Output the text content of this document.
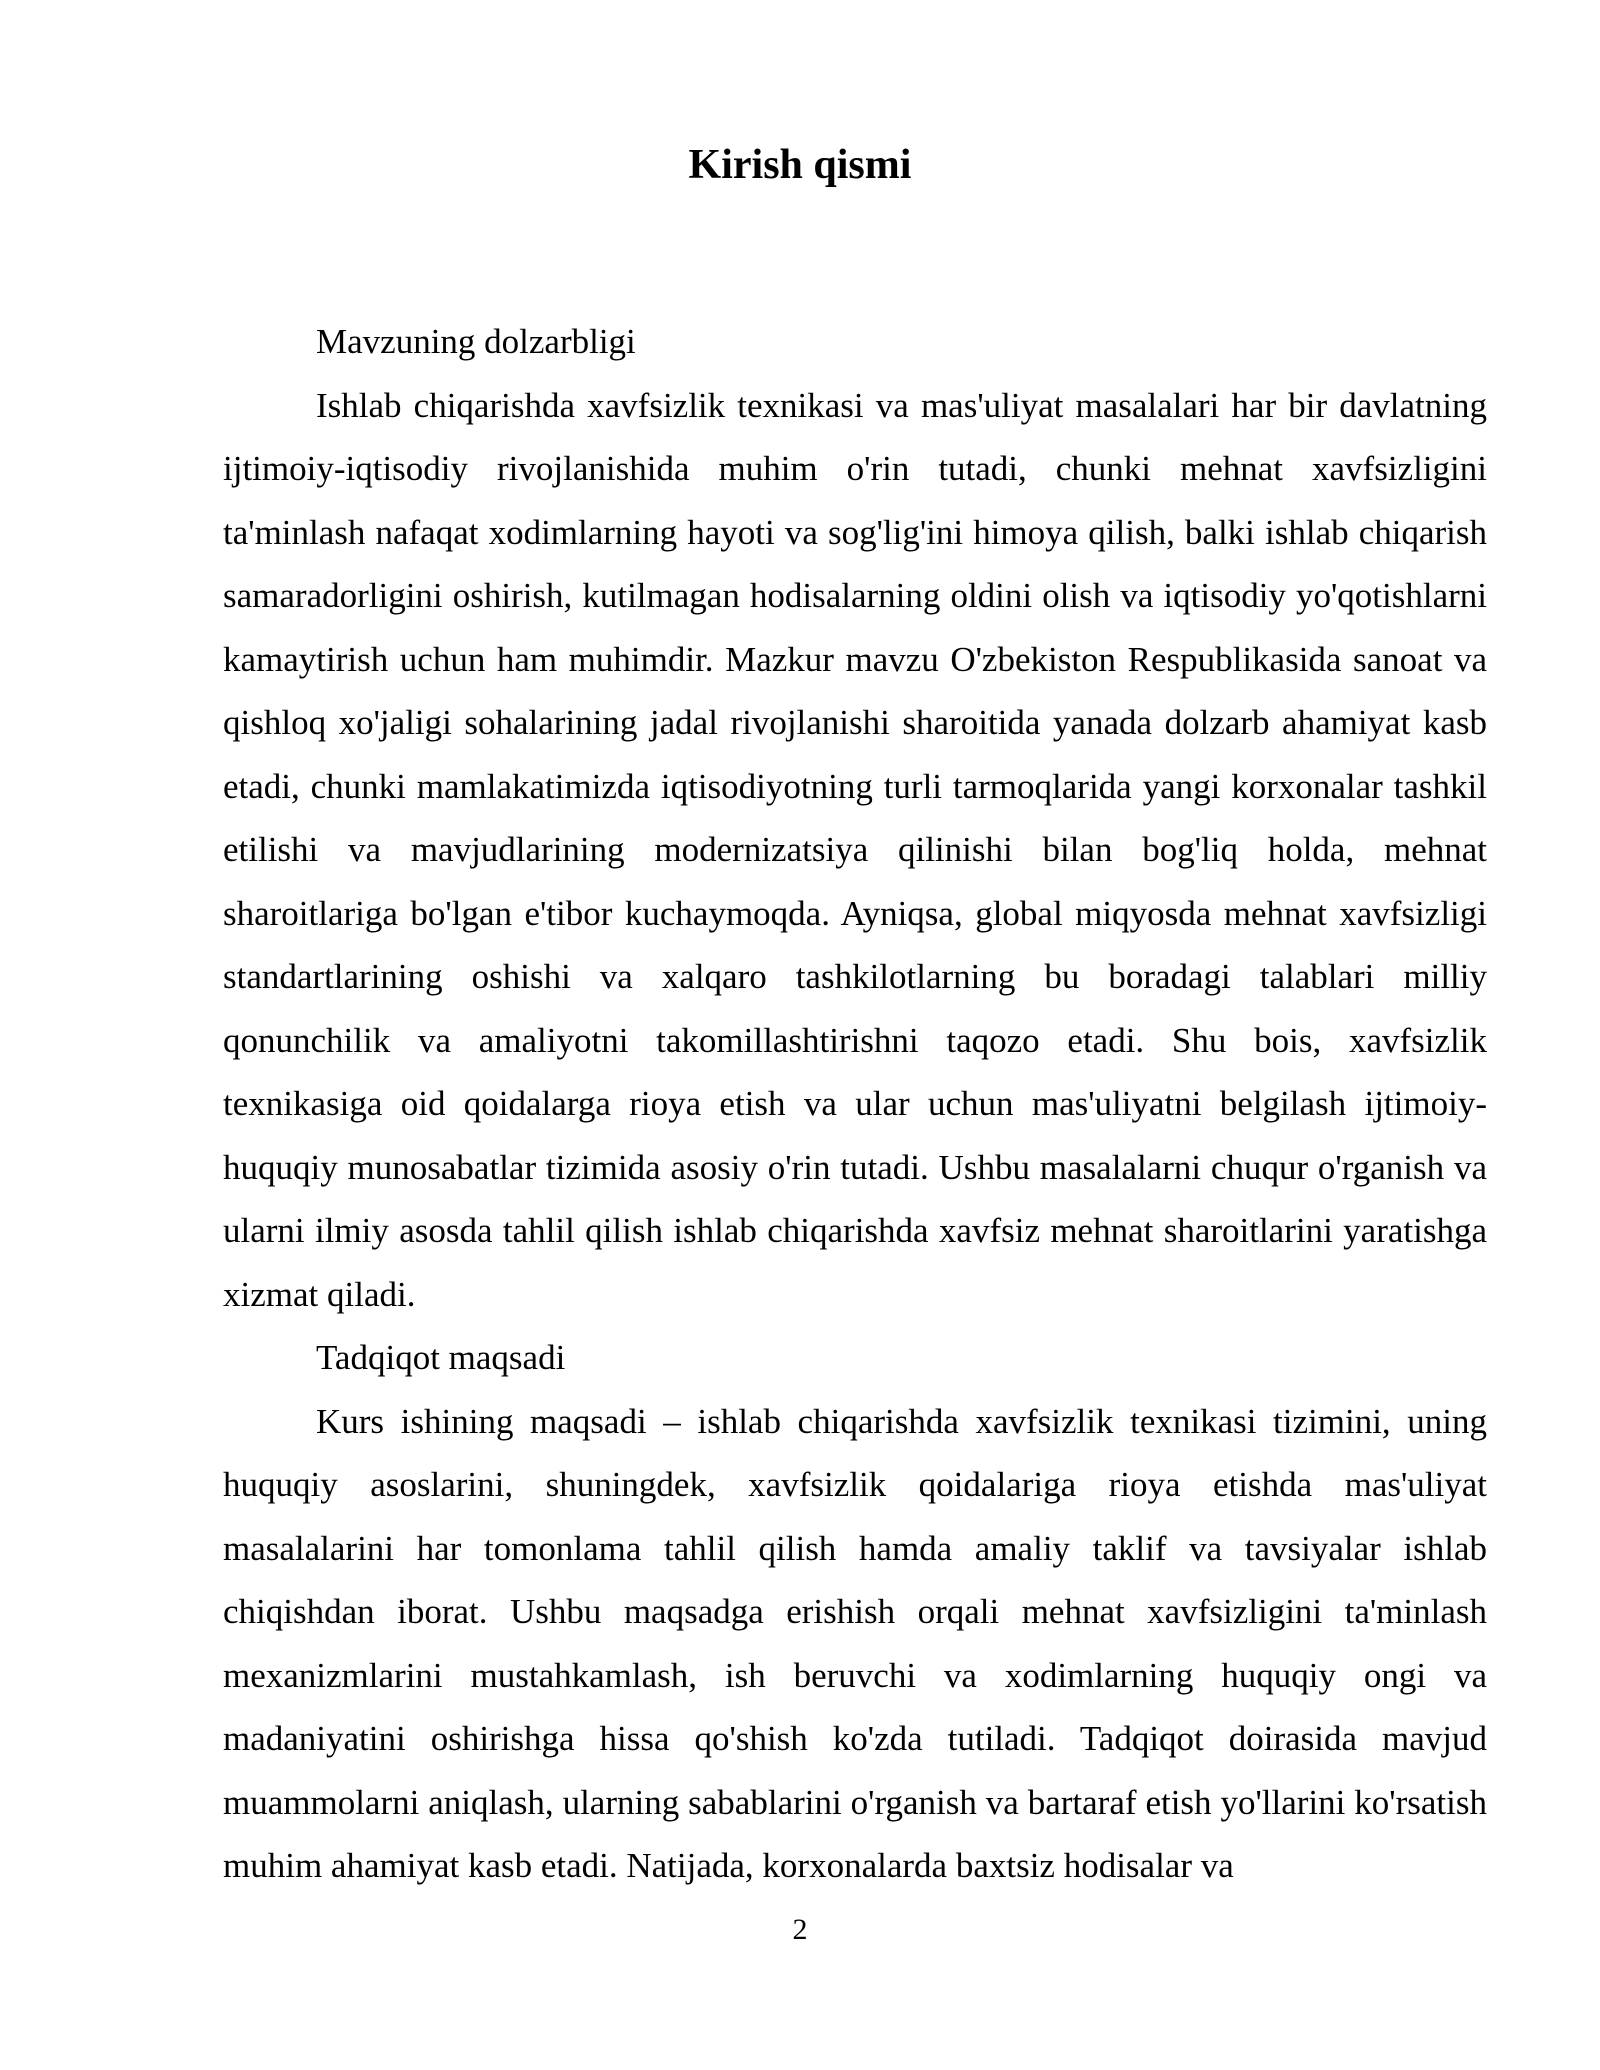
Kirish qismi

Mavzuning dolzarbligi

Ishlab chiqarishda xavfsizlik texnikasi va mas'uliyat masalalari har bir davlatning ijtimoiy-iqtisodiy rivojlanishida muhim o'rin tutadi, chunki mehnat xavfsizligini ta'minlash nafaqat xodimlarning hayoti va sog'lig'ini himoya qilish, balki ishlab chiqarish samaradorligini oshirish, kutilmagan hodisalarning oldini olish va iqtisodiy yo'qotishlarni kamaytirish uchun ham muhimdir. Mazkur mavzu O'zbekiston Respublikasida sanoat va qishloq xo'jaligi sohalarining jadal rivojlanishi sharoitida yanada dolzarb ahamiyat kasb etadi, chunki mamlakatimizda iqtisodiyotning turli tarmoqlarida yangi korxonalar tashkil etilishi va mavjudlarining modernizatsiya qilinishi bilan bog'liq holda, mehnat sharoitlariga bo'lgan e'tibor kuchaymoqda. Ayniqsa, global miqyosda mehnat xavfsizligi standartlarining oshishi va xalqaro tashkilotlarning bu boradagi talablari milliy qonunchilik va amaliyotni takomillashtirishni taqozo etadi. Shu bois, xavfsizlik texnikasiga oid qoidalarga rioya etish va ular uchun mas'uliyatni belgilash ijtimoiy-huquqiy munosabatlar tizimida asosiy o'rin tutadi. Ushbu masalalarni chuqur o'rganish va ularni ilmiy asosda tahlil qilish ishlab chiqarishda xavfsiz mehnat sharoitlarini yaratishga xizmat qiladi.

Tadqiqot maqsadi

Kurs ishining maqsadi – ishlab chiqarishda xavfsizlik texnikasi tizimini, uning huquqiy asoslarini, shuningdek, xavfsizlik qoidalariga rioya etishda mas'uliyat masalalarini har tomonlama tahlil qilish hamda amaliy taklif va tavsiyalar ishlab chiqishdan iborat. Ushbu maqsadga erishish orqali mehnat xavfsizligini ta'minlash mexanizmlarini mustahkamlash, ish beruvchi va xodimlarning huquqiy ongi va madaniyatini oshirishga hissa qo'shish ko'zda tutiladi. Tadqiqot doirasida mavjud muammolarni aniqlash, ularning sabablarini o'rganish va bartaraf etish yo'llarini ko'rsatish muhim ahamiyat kasb etadi. Natijada, korxonalarda baxtsiz hodisalar va

2
